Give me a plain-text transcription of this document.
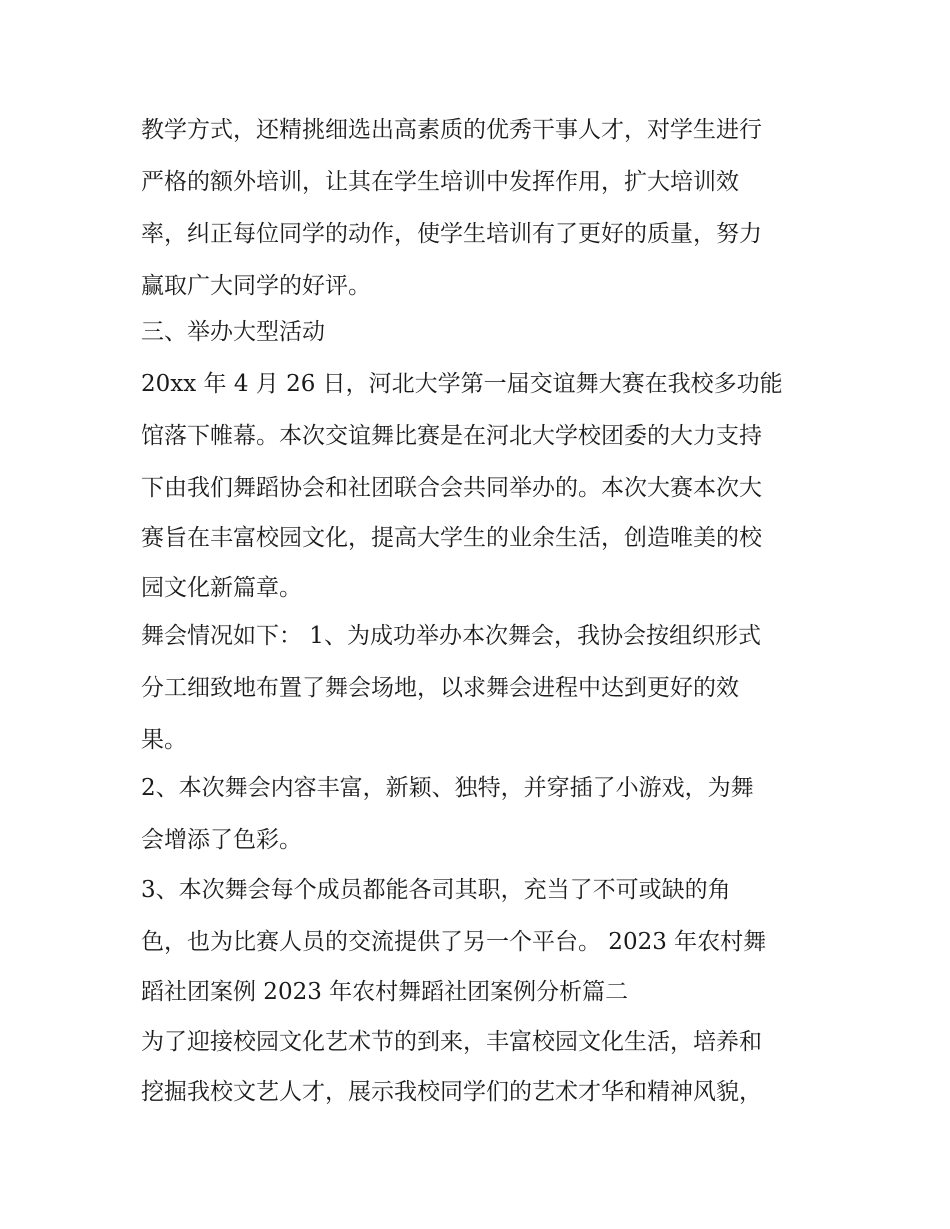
教学方式，还精挑细选出高素质的优秀干事人才，对学生进行
严格的额外培训，让其在学生培训中发挥作用，扩大培训效
率，纠正每位同学的动作，使学生培训有了更好的质量，努力
赢取广大同学的好评。
三、举办大型活动
20xx 年 4 月 26 日，河北大学第一届交谊舞大赛在我校多功能
馆落下帷幕。本次交谊舞比赛是在河北大学校团委的大力支持
下由我们舞蹈协会和社团联合会共同举办的。本次大赛本次大
赛旨在丰富校园文化，提高大学生的业余生活，创造唯美的校
园文化新篇章。
舞会情况如下： 1、为成功举办本次舞会，我协会按组织形式
分工细致地布置了舞会场地，以求舞会进程中达到更好的效
果。
2、本次舞会内容丰富，新颖、独特，并穿插了小游戏，为舞
会增添了色彩。
3、本次舞会每个成员都能各司其职，充当了不可或缺的角
色，也为比赛人员的交流提供了另一个平台。 2023 年农村舞
蹈社团案例 2023 年农村舞蹈社团案例分析篇二
为了迎接校园文化艺术节的到来，丰富校园文化生活，培养和
挖掘我校文艺人才，展示我校同学们的艺术才华和精神风貌，
